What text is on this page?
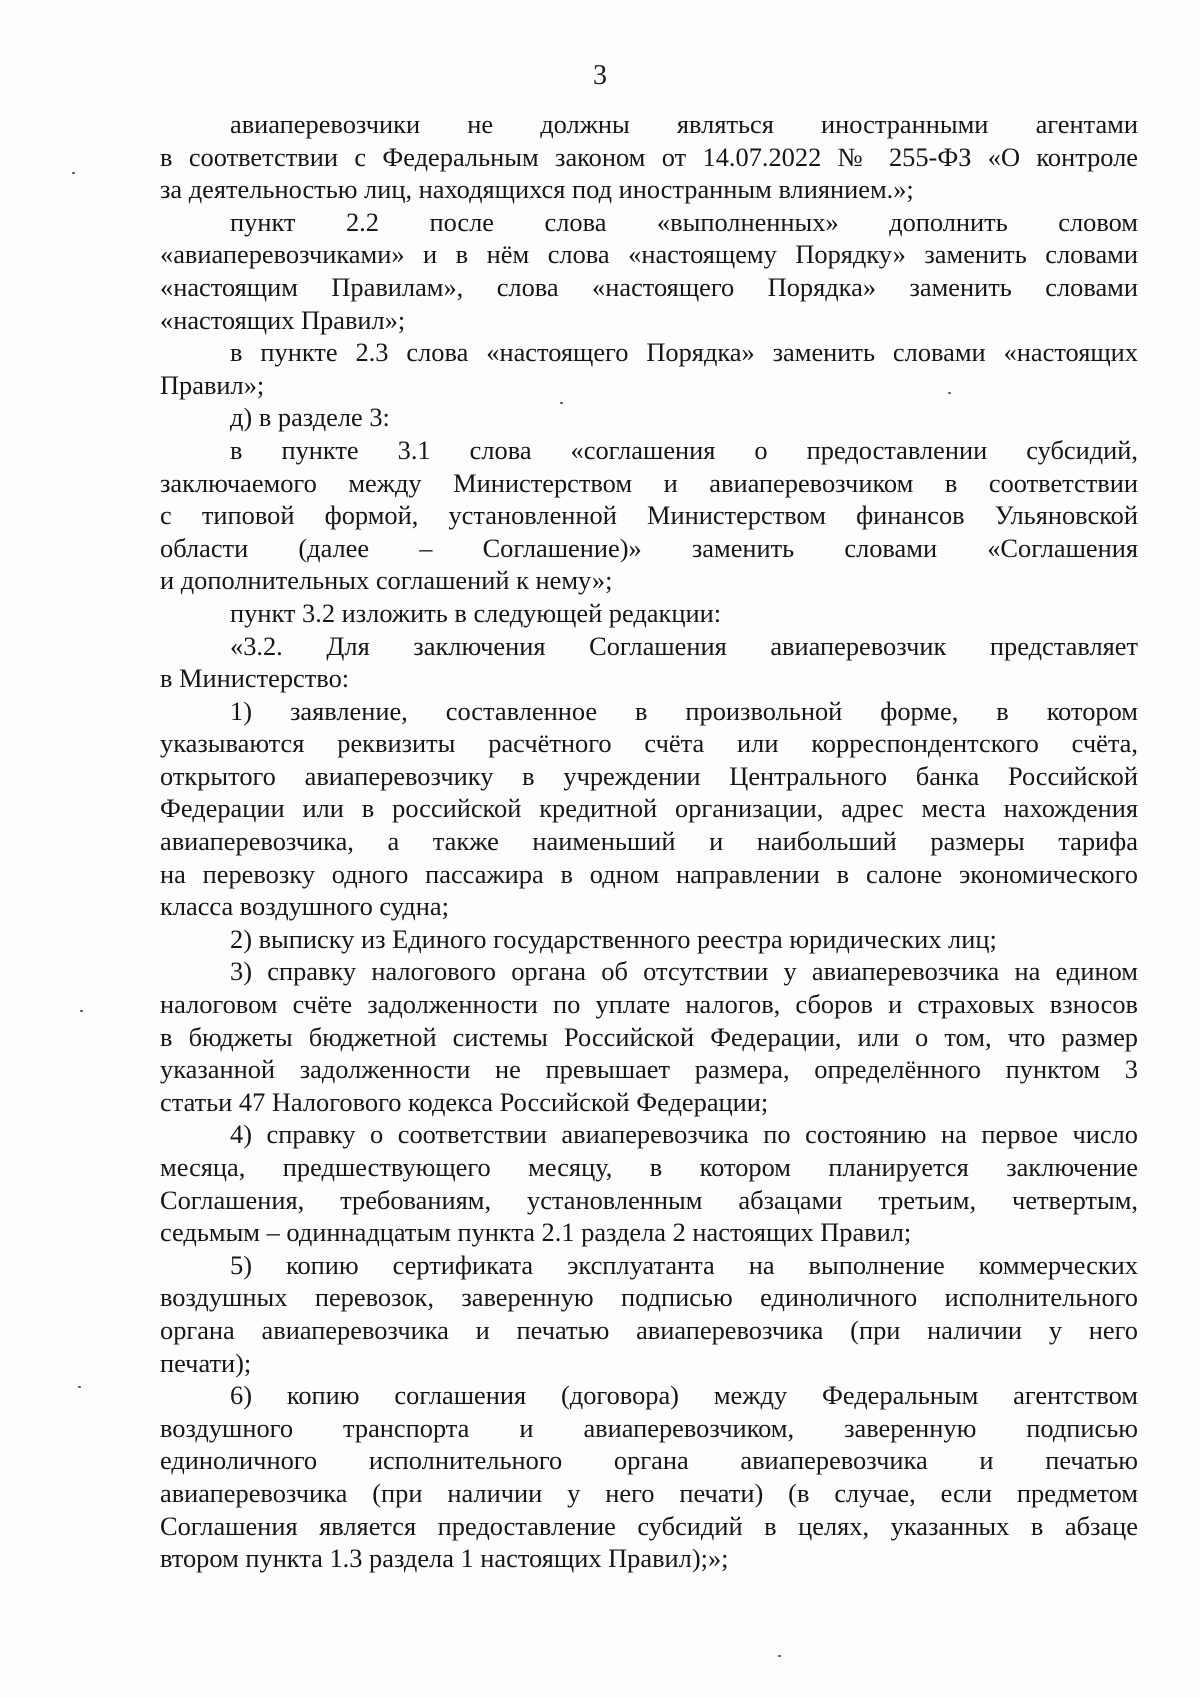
3
авиаперевозчики не должны являться иностранными агентами
в соответствии с Федеральным законом от 14.07.2022 № 255-ФЗ «О контроле
за деятельностью лиц, находящихся под иностранным влиянием.»;
пункт 2.2 после слова «выполненных» дополнить словом
«авиаперевозчиками» и в нём слова «настоящему Порядку» заменить словами
«настоящим Правилам», слова «настоящего Порядка» заменить словами
«настоящих Правил»;
в пункте 2.3 слова «настоящего Порядка» заменить словами «настоящих
Правил»;
д) в разделе 3:
в пункте 3.1 слова «соглашения о предоставлении субсидий,
заключаемого между Министерством и авиаперевозчиком в соответствии
с типовой формой, установленной Министерством финансов Ульяновской
области (далее – Соглашение)» заменить словами «Соглашения
и дополнительных соглашений к нему»;
пункт 3.2 изложить в следующей редакции:
«3.2. Для заключения Соглашения авиаперевозчик представляет
в Министерство:
1) заявление, составленное в произвольной форме, в котором
указываются реквизиты расчётного счёта или корреспондентского счёта,
открытого авиаперевозчику в учреждении Центрального банка Российской
Федерации или в российской кредитной организации, адрес места нахождения
авиаперевозчика, а также наименьший и наибольший размеры тарифа
на перевозку одного пассажира в одном направлении в салоне экономического
класса воздушного судна;
2) выписку из Единого государственного реестра юридических лиц;
3) справку налогового органа об отсутствии у авиаперевозчика на едином
налоговом счёте задолженности по уплате налогов, сборов и страховых взносов
в бюджеты бюджетной системы Российской Федерации, или о том, что размер
указанной задолженности не превышает размера, определённого пунктом 3
статьи 47 Налогового кодекса Российской Федерации;
4) справку о соответствии авиаперевозчика по состоянию на первое число
месяца, предшествующего месяцу, в котором планируется заключение
Соглашения, требованиям, установленным абзацами третьим, четвертым,
седьмым – одиннадцатым пункта 2.1 раздела 2 настоящих Правил;
5) копию сертификата эксплуатанта на выполнение коммерческих
воздушных перевозок, заверенную подписью единоличного исполнительного
органа авиаперевозчика и печатью авиаперевозчика (при наличии у него
печати);
6) копию соглашения (договора) между Федеральным агентством
воздушного транспорта и авиаперевозчиком, заверенную подписью
единоличного исполнительного органа авиаперевозчика и печатью
авиаперевозчика (при наличии у него печати) (в случае, если предметом
Соглашения является предоставление субсидий в целях, указанных в абзаце
втором пункта 1.3 раздела 1 настоящих Правил);»;
